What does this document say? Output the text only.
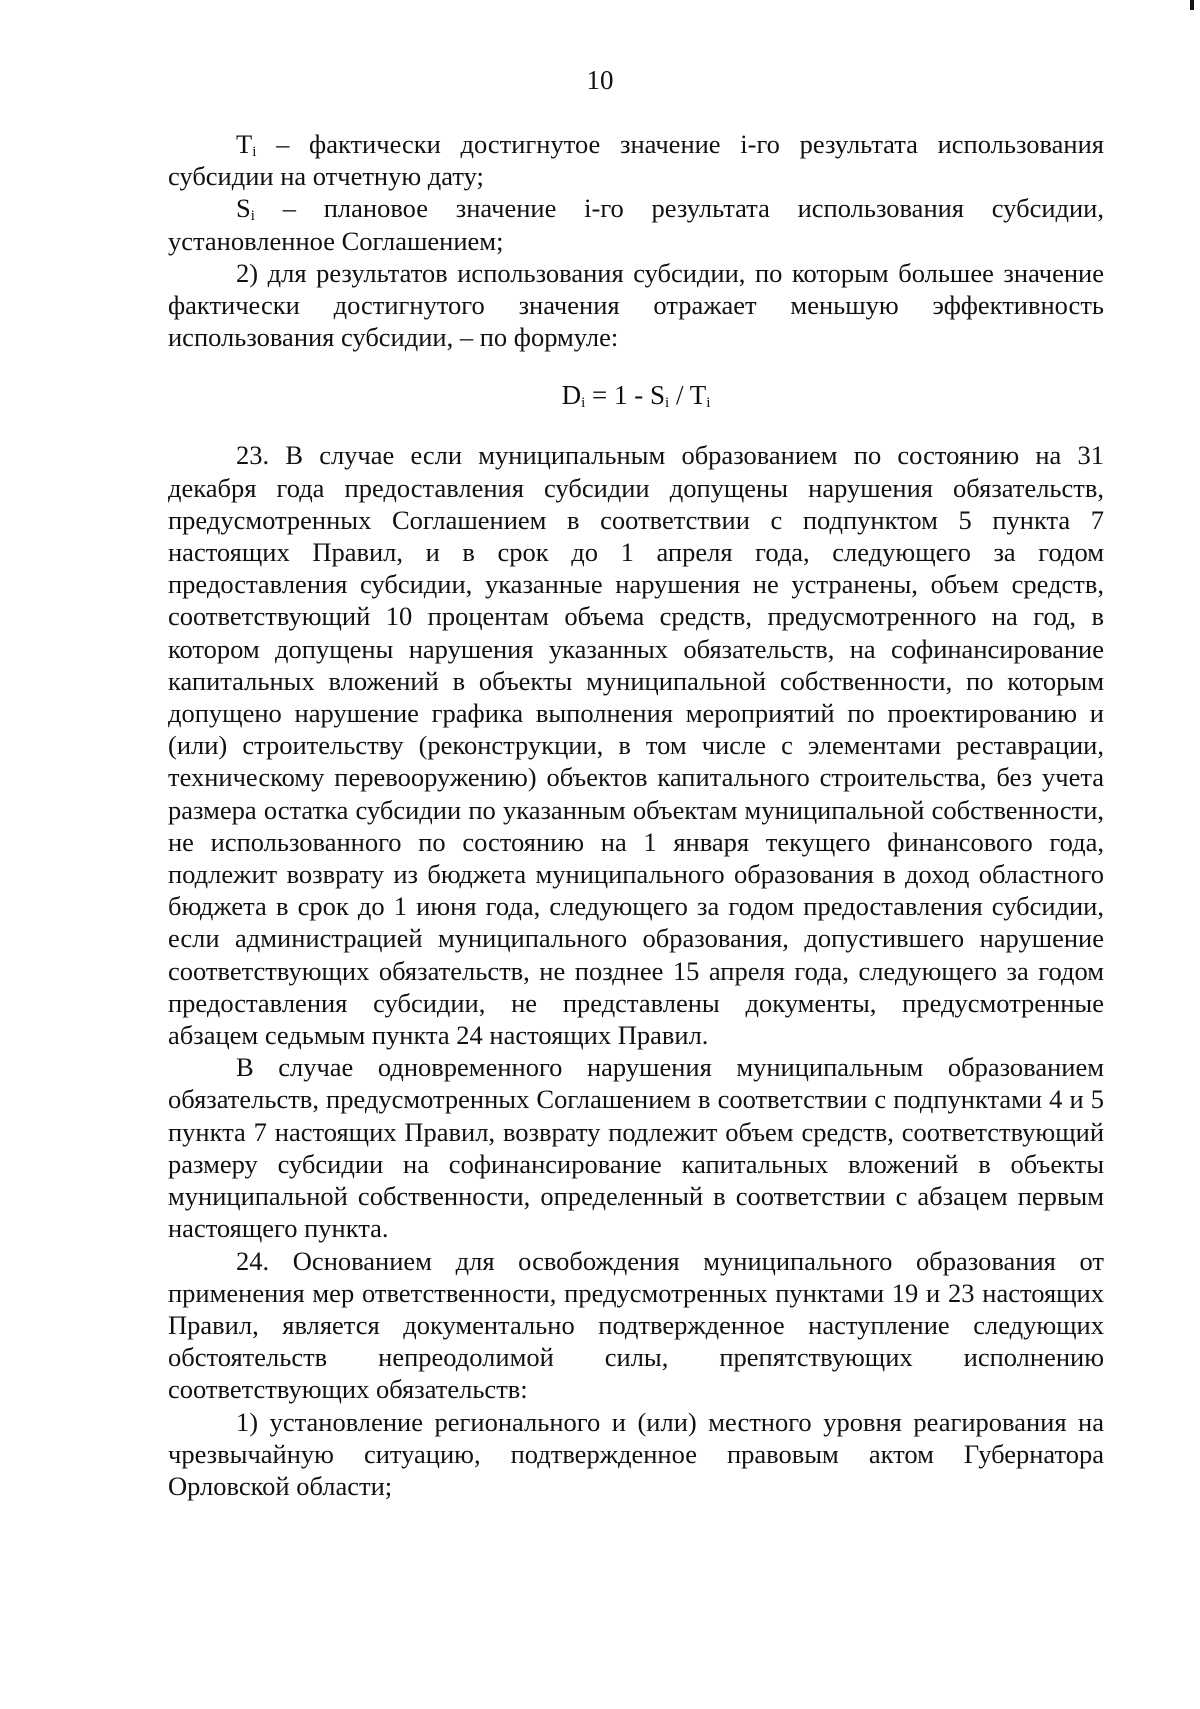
10

$T_i$ – фактически достигнутое значение i-го результата использования субсидии на отчетную дату;

$S_i$ – плановое значение i-го результата использования субсидии, установленное Соглашением;

2) для результатов использования субсидии, по которым большее значение фактически достигнутого значения отражает меньшую эффективность использования субсидии, – по формуле:

$D_i = 1 - S_i / T_i$

23. В случае если муниципальным образованием по состоянию на 31 декабря года предоставления субсидии допущены нарушения обязательств, предусмотренных Соглашением в соответствии с подпунктом 5 пункта 7 настоящих Правил, и в срок до 1 апреля года, следующего за годом предоставления субсидии, указанные нарушения не устранены, объем средств, соответствующий 10 процентам объема средств, предусмотренного на год, в котором допущены нарушения указанных обязательств, на софинансирование капитальных вложений в объекты муниципальной собственности, по которым допущено нарушение графика выполнения мероприятий по проектированию и (или) строительству (реконструкции, в том числе с элементами реставрации, техническому перевооружению) объектов капитального строительства, без учета размера остатка субсидии по указанным объектам муниципальной собственности, не использованного по состоянию на 1 января текущего финансового года, подлежит возврату из бюджета муниципального образования в доход областного бюджета в срок до 1 июня года, следующего за годом предоставления субсидии, если администрацией муниципального образования, допустившего нарушение соответствующих обязательств, не позднее 15 апреля года, следующего за годом предоставления субсидии, не представлены документы, предусмотренные абзацем седьмым пункта 24 настоящих Правил.

В случае одновременного нарушения муниципальным образованием обязательств, предусмотренных Соглашением в соответствии с подпунктами 4 и 5 пункта 7 настоящих Правил, возврату подлежит объем средств, соответствующий размеру субсидии на софинансирование капитальных вложений в объекты муниципальной собственности, определенный в соответствии с абзацем первым настоящего пункта.

24. Основанием для освобождения муниципального образования от применения мер ответственности, предусмотренных пунктами 19 и 23 настоящих Правил, является документально подтвержденное наступление следующих обстоятельств непреодолимой силы, препятствующих исполнению соответствующих обязательств:

1) установление регионального и (или) местного уровня реагирования на чрезвычайную ситуацию, подтвержденное правовым актом Губернатора Орловской области;
